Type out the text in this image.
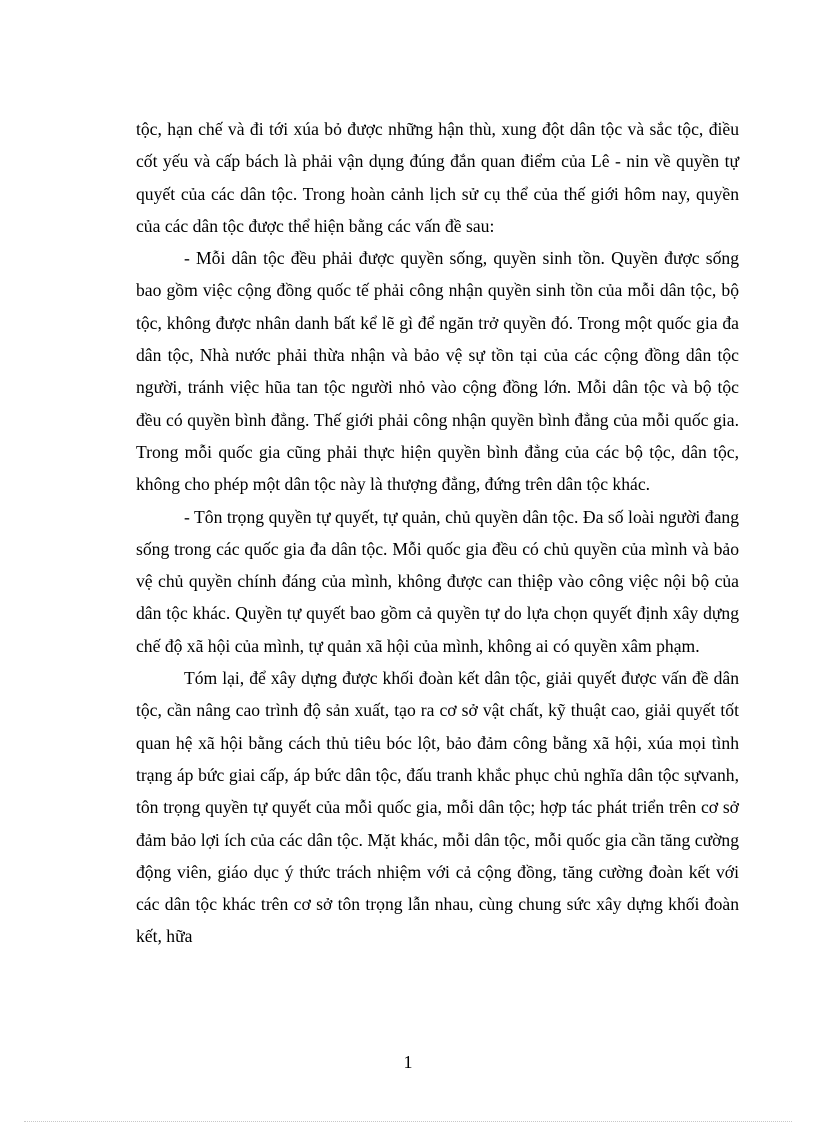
tộc, hạn chế và đi tới xúa bỏ được những hận thù, xung đột dân tộc và sắc tộc, điều cốt yếu và cấp bách là phải vận dụng đúng đắn quan điểm của Lê - nin về quyền tự quyết của các dân tộc. Trong hoàn cảnh lịch sử cụ thể của thế giới hôm nay, quyền của các dân tộc được thể hiện bằng các vấn đề sau:

- Mỗi dân tộc đều phải được quyền sống, quyền sinh tồn. Quyền được sống bao gồm việc cộng đồng quốc tế phải công nhận quyền sinh tồn của mỗi dân tộc, bộ tộc, không được nhân danh bất kể lẽ gì để ngăn trở quyền đó. Trong một quốc gia đa dân tộc, Nhà nước phải thừa nhận và bảo vệ sự tồn tại của các cộng đồng dân tộc người, tránh việc hũa tan tộc người nhỏ vào cộng đồng lớn. Mỗi dân tộc và bộ tộc đều có quyền bình đẳng. Thế giới phải công nhận quyền bình đẳng của mỗi quốc gia. Trong mỗi quốc gia cũng phải thực hiện quyền bình đẳng của các bộ tộc, dân tộc, không cho phép một dân tộc này là thượng đẳng, đứng trên dân tộc khác.

- Tôn trọng quyền tự quyết, tự quản, chủ quyền dân tộc. Đa số loài người đang sống trong các quốc gia đa dân tộc. Mỗi quốc gia đều có chủ quyền của mình và bảo vệ chủ quyền chính đáng của mình, không được can thiệp vào công việc nội bộ của dân tộc khác. Quyền tự quyết bao gồm cả quyền tự do lựa chọn quyết định xây dựng chế độ xã hội của mình, tự quản xã hội của mình, không ai có quyền xâm phạm.

Tóm lại, để xây dựng được khối đoàn kết dân tộc, giải quyết được vấn đề dân tộc, cần nâng cao trình độ sản xuất, tạo ra cơ sở vật chất, kỹ thuật cao, giải quyết tốt quan hệ xã hội bằng cách thủ tiêu bóc lột, bảo đảm công bằng xã hội, xúa mọi tình trạng áp bức giai cấp, áp bức dân tộc, đấu tranh khắc phục chủ nghĩa dân tộc sựvanh, tôn trọng quyền tự quyết của mỗi quốc gia, mỗi dân tộc; hợp tác phát triển trên cơ sở đảm bảo lợi ích của các dân tộc. Mặt khác, mỗi dân tộc, mỗi quốc gia cần tăng cường động viên, giáo dục ý thức trách nhiệm với cả cộng đồng, tăng cường đoàn kết với các dân tộc khác trên cơ sở tôn trọng lẫn nhau, cùng chung sức xây dựng khối đoàn kết, hữa

1
